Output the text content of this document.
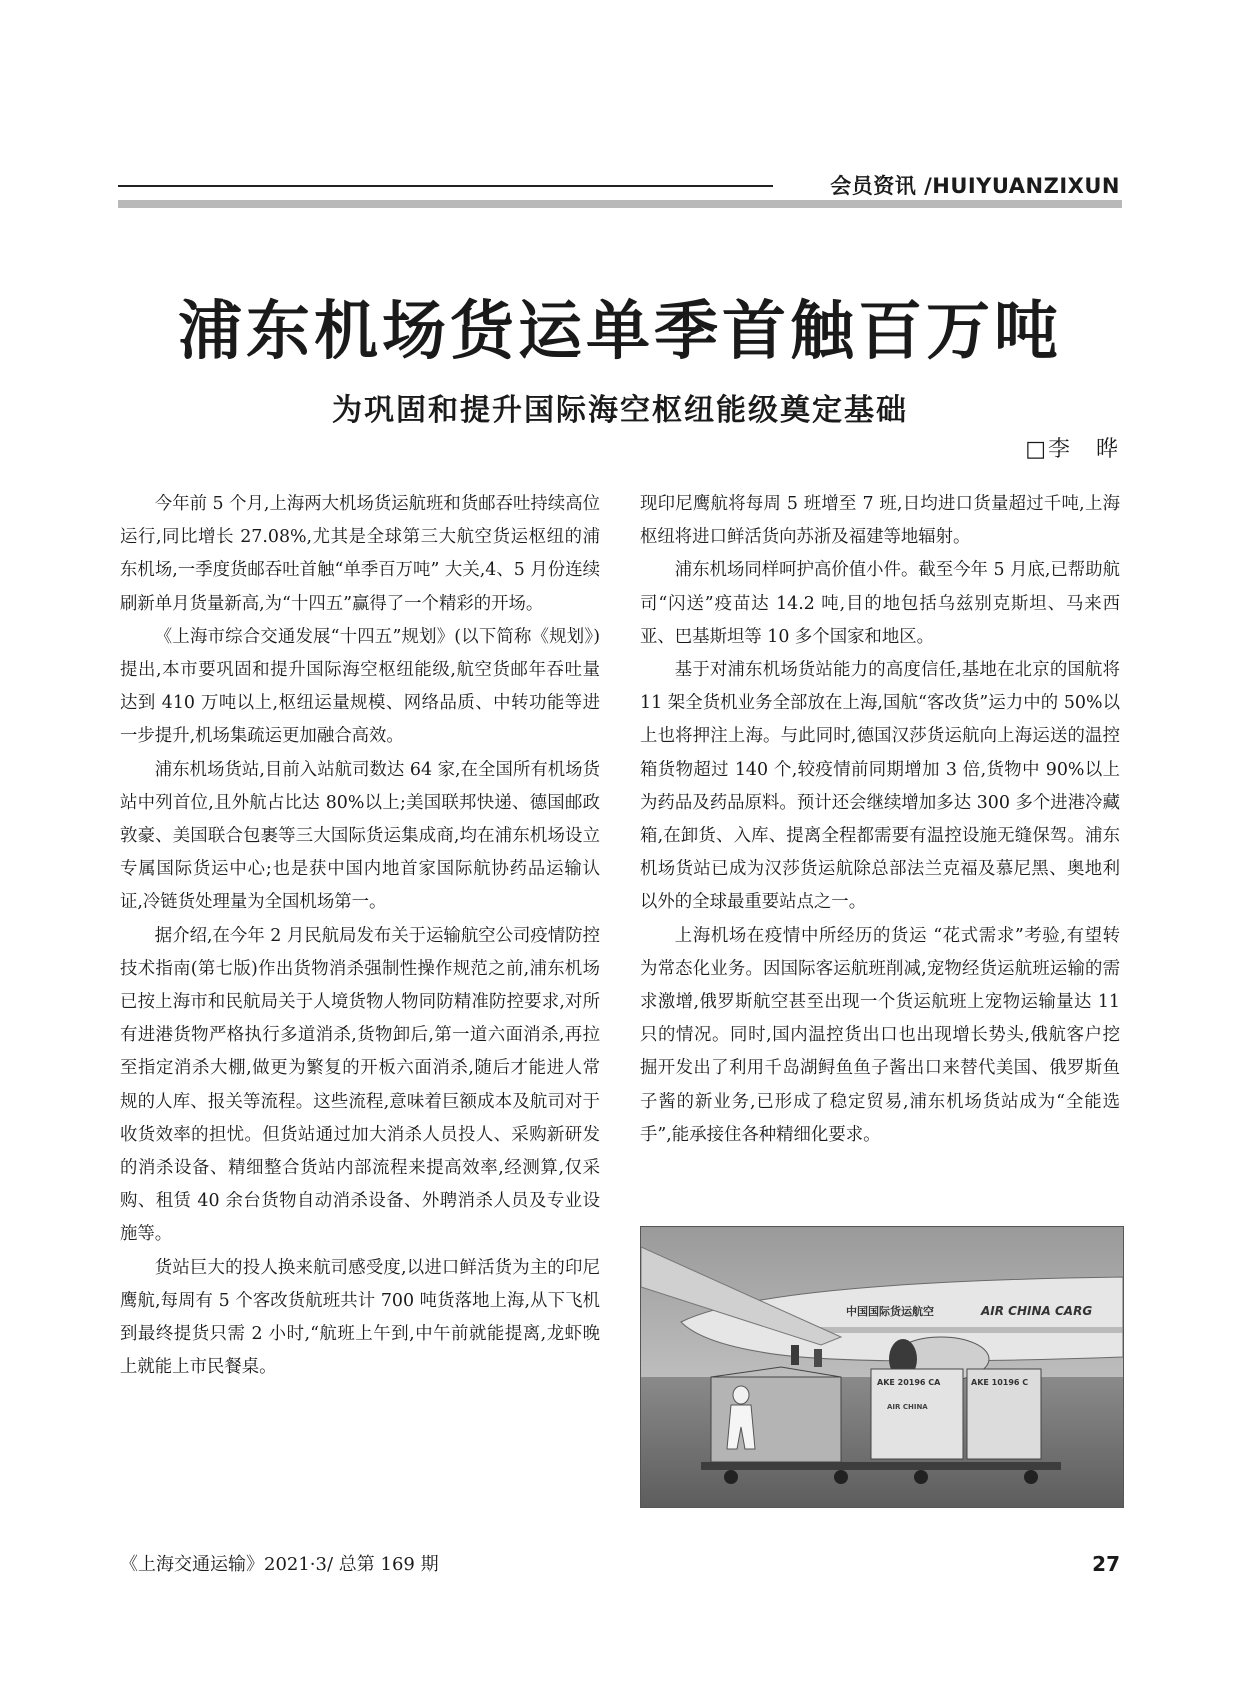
会员资讯 /HUIYUANZIXUN
浦东机场货运单季首触百万吨
为巩固和提升国际海空枢纽能级奠定基础
□李　晔

今年前 5 个月,上海两大机场货运航班和货邮吞吐持续高位运行,同比增长 27.08%,尤其是全球第三大航空货运枢纽的浦东机场,一季度货邮吞吐首触“单季百万吨” 大关,4、5 月份连续刷新单月货量新高,为“十四五”赢得了一个精彩的开场。

《上海市综合交通发展“十四五”规划》(以下简称《规划》)提出,本市要巩固和提升国际海空枢纽能级,航空货邮年吞吐量达到 410 万吨以上,枢纽运量规模、网络品质、中转功能等进一步提升,机场集疏运更加融合高效。

浦东机场货站,目前入站航司数达 64 家,在全国所有机场货站中列首位,且外航占比达 80%以上;美国联邦快递、德国邮政敦豪、美国联合包裹等三大国际货运集成商,均在浦东机场设立专属国际货运中心;也是获中国内地首家国际航协药品运输认证,冷链货处理量为全国机场第一。

据介绍,在今年 2 月民航局发布关于运输航空公司疫情防控技术指南(第七版)作出货物消杀强制性操作规范之前,浦东机场已按上海市和民航局关于人境货物人物同防精准防控要求,对所有进港货物严格执行多道消杀,货物卸后,第一道六面消杀,再拉至指定消杀大棚,做更为繁复的开板六面消杀,随后才能进人常规的人库、报关等流程。这些流程,意味着巨额成本及航司对于收货效率的担忧。但货站通过加大消杀人员投人、采购新研发的消杀设备、精细整合货站内部流程来提高效率,经测算,仅采购、租赁 40 余台货物自动消杀设备、外聘消杀人员及专业设施等。

货站巨大的投人换来航司感受度,以进口鲜活货为主的印尼鹰航,每周有 5 个客改货航班共计 700 吨货落地上海,从下飞机到最终提货只需 2 小时,“航班上午到,中午前就能提离,龙虾晚上就能上市民餐桌。

现印尼鹰航将每周 5 班增至 7 班,日均进口货量超过千吨,上海枢纽将进口鲜活货向苏浙及福建等地辐射。

浦东机场同样呵护高价值小件。截至今年 5 月底,已帮助航司“闪送”疫苗达 14.2 吨,目的地包括乌兹别克斯坦、马来西亚、巴基斯坦等 10 多个国家和地区。

基于对浦东机场货站能力的高度信任,基地在北京的国航将 11 架全货机业务全部放在上海,国航“客改货”运力中的 50%以上也将押注上海。与此同时,德国汉莎货运航向上海运送的温控箱货物超过 140 个,较疫情前同期增加 3 倍,货物中 90%以上为药品及药品原料。预计还会继续增加多达 300 多个进港冷藏箱,在卸货、入库、提离全程都需要有温控设施无缝保驾。浦东机场货站已成为汉莎货运航除总部法兰克福及慕尼黑、奥地利以外的全球最重要站点之一。

上海机场在疫情中所经历的货运 “花式需求”考验,有望转为常态化业务。因国际客运航班削减,宠物经货运航班运输的需求激增,俄罗斯航空甚至出现一个货运航班上宠物运输量达 11 只的情况。同时,国内温控货出口也出现增长势头,俄航客户挖掘开发出了利用千岛湖鲟鱼鱼子酱出口来替代美国、俄罗斯鱼子酱的新业务,已形成了稳定贸易,浦东机场货站成为“全能选手”,能承接住各种精细化要求。

中国国际货运航空	AIR CHINA CARG
AKE 20196 CA
AIR CHINA
AKE 10196 C
《上海交通运输》2021·3/ 总第 169 期	27
